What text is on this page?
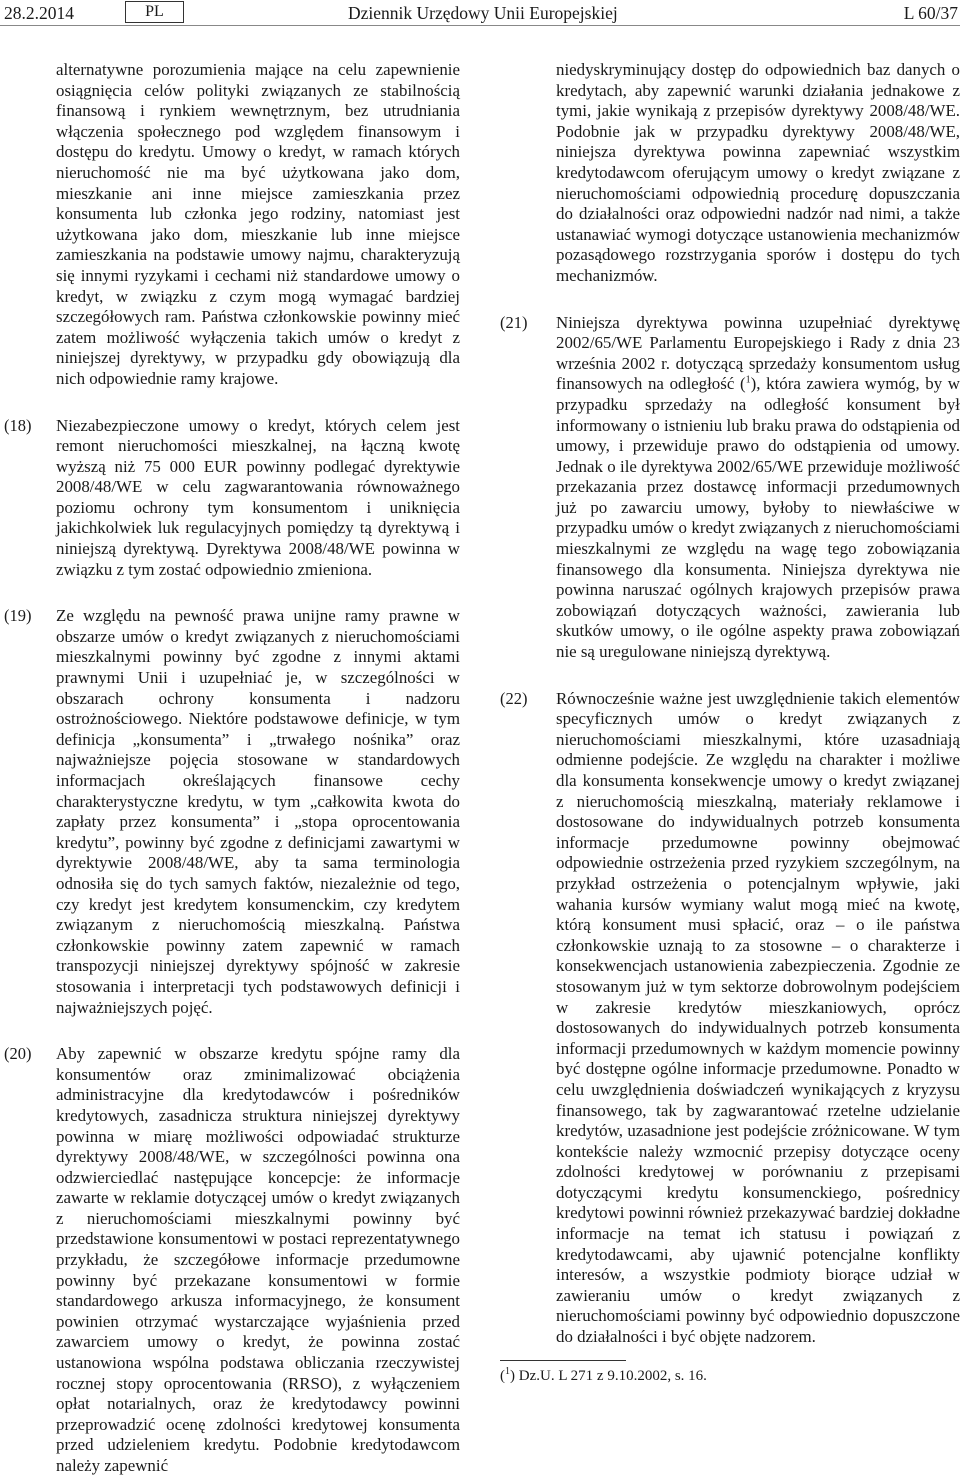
28.2.2014	PL	Dziennik Urzędowy Unii Europejskiej	L 60/37
alternatywne porozumienia mające na celu zapewnienie osiągnięcia celów polityki związanych ze stabilnością finansową i rynkiem wewnętrznym, bez utrudniania włączenia społecznego pod względem finansowym i dostępu do kredytu. Umowy o kredyt, w ramach których nieruchomość nie ma być użytkowana jako dom, mieszkanie ani inne miejsce zamieszkania przez konsumenta lub członka jego rodziny, natomiast jest użytkowana jako dom, mieszkanie lub inne miejsce zamieszkania na podstawie umowy najmu, charakteryzują się innymi ryzykami i cechami niż standardowe umowy o kredyt, w związku z czym mogą wymagać bardziej szczegółowych ram. Państwa członkowskie powinny mieć zatem możliwość wyłączenia takich umów o kredyt z niniejszej dyrektywy, w przypadku gdy obowiązują dla nich odpowiednie ramy krajowe.
(18) Niezabezpieczone umowy o kredyt, których celem jest remont nieruchomości mieszkalnej, na łączną kwotę wyższą niż 75 000 EUR powinny podlegać dyrektywie 2008/48/WE w celu zagwarantowania równoważnego poziomu ochrony tym konsumentom i uniknięcia jakichkolwiek luk regulacyjnych pomiędzy tą dyrektywą i niniejszą dyrektywą. Dyrektywa 2008/48/WE powinna w związku z tym zostać odpowiednio zmieniona.
(19) Ze względu na pewność prawa unijne ramy prawne w obszarze umów o kredyt związanych z nieruchomościami mieszkalnymi powinny być zgodne z innymi aktami prawnymi Unii i uzupełniać je, w szczególności w obszarach ochrony konsumenta i nadzoru ostrożnościowego. Niektóre podstawowe definicje, w tym definicja „konsumenta” i „trwałego nośnika” oraz najważniejsze pojęcia stosowane w standardowych informacjach określających finansowe cechy charakterystyczne kredytu, w tym „całkowita kwota do zapłaty przez konsumenta” i „stopa oprocentowania kredytu”, powinny być zgodne z definicjami zawartymi w dyrektywie 2008/48/WE, aby ta sama terminologia odnosiła się do tych samych faktów, niezależnie od tego, czy kredyt jest kredytem konsumenckim, czy kredytem związanym z nieruchomością mieszkalną. Państwa członkowskie powinny zatem zapewnić w ramach transpozycji niniejszej dyrektywy spójność w zakresie stosowania i interpretacji tych podstawowych definicji i najważniejszych pojęć.
(20) Aby zapewnić w obszarze kredytu spójne ramy dla konsumentów oraz zminimalizować obciążenia administracyjne dla kredytodawców i pośredników kredytowych, zasadnicza struktura niniejszej dyrektywy powinna w miarę możliwości odpowiadać strukturze dyrektywy 2008/48/WE, w szczególności powinna ona odzwierciedlać następujące koncepcje: że informacje zawarte w reklamie dotyczącej umów o kredyt związanych z nieruchomościami mieszkalnymi powinny być przedstawione konsumentowi w postaci reprezentatywnego przykładu, że szczegółowe informacje przedumowne powinny być przekazane konsumentowi w formie standardowego arkusza informacyjnego, że konsument powinien otrzymać wystarczające wyjaśnienia przed zawarciem umowy o kredyt, że powinna zostać ustanowiona wspólna podstawa obliczania rzeczywistej rocznej stopy oprocentowania (RRSO), z wyłączeniem opłat notarialnych, oraz że kredytodawcy powinni przeprowadzić ocenę zdolności kredytowej konsumenta przed udzieleniem kredytu. Podobnie kredytodawcom należy zapewnić
niedyskryminujący dostęp do odpowiednich baz danych o kredytach, aby zapewnić warunki działania jednakowe z tymi, jakie wynikają z przepisów dyrektywy 2008/48/WE. Podobnie jak w przypadku dyrektywy 2008/48/WE, niniejsza dyrektywa powinna zapewniać wszystkim kredytodawcom oferującym umowy o kredyt związane z nieruchomościami odpowiednią procedurę dopuszczania do działalności oraz odpowiedni nadzór nad nimi, a także ustanawiać wymogi dotyczące ustanowienia mechanizmów pozasądowego rozstrzygania sporów i dostępu do tych mechanizmów.
(21) Niniejsza dyrektywa powinna uzupełniać dyrektywę 2002/65/WE Parlamentu Europejskiego i Rady z dnia 23 września 2002 r. dotyczącą sprzedaży konsumentom usług finansowych na odległość ($^1$), która zawiera wymóg, by w przypadku sprzedaży na odległość konsument był informowany o istnieniu lub braku prawa do odstąpienia od umowy, i przewiduje prawo do odstąpienia od umowy. Jednak o ile dyrektywa 2002/65/WE przewiduje możliwość przekazania przez dostawcę informacji przedumownych już po zawarciu umowy, byłoby to niewłaściwe w przypadku umów o kredyt związanych z nieruchomościami mieszkalnymi ze względu na wagę tego zobowiązania finansowego dla konsumenta. Niniejsza dyrektywa nie powinna naruszać ogólnych krajowych przepisów prawa zobowiązań dotyczących ważności, zawierania lub skutków umowy, o ile ogólne aspekty prawa zobowiązań nie są uregulowane niniejszą dyrektywą.
(22) Równocześnie ważne jest uwzględnienie takich elementów specyficznych umów o kredyt związanych z nieruchomościami mieszkalnymi, które uzasadniają odmienne podejście. Ze względu na charakter i możliwe dla konsumenta konsekwencje umowy o kredyt związanej z nieruchomością mieszkalną, materiały reklamowe i dostosowane do indywidualnych potrzeb konsumenta informacje przedumowne powinny obejmować odpowiednie ostrzeżenia przed ryzykiem szczególnym, na przykład ostrzeżenia o potencjalnym wpływie, jaki wahania kursów wymiany walut mogą mieć na kwotę, którą konsument musi spłacić, oraz – o ile państwa członkowskie uznają to za stosowne – o charakterze i konsekwencjach ustanowienia zabezpieczenia. Zgodnie ze stosowanym już w tym sektorze dobrowolnym podejściem w zakresie kredytów mieszkaniowych, oprócz dostosowanych do indywidualnych potrzeb konsumenta informacji przedumownych w każdym momencie powinny być dostępne ogólne informacje przedumowne. Ponadto w celu uwzględnienia doświadczeń wynikających z kryzysu finansowego, tak by zagwarantować rzetelne udzielanie kredytów, uzasadnione jest podejście zróżnicowane. W tym kontekście należy wzmocnić przepisy dotyczące oceny zdolności kredytowej w porównaniu z przepisami dotyczącymi kredytu konsumenckiego, pośrednicy kredytowi powinni również przekazywać bardziej dokładne informacje na temat ich statusu i powiązań z kredytodawcami, aby ujawnić potencjalne konflikty interesów, a wszystkie podmioty biorące udział w zawieraniu umów o kredyt związanych z nieruchomościami powinny być odpowiednio dopuszczone do działalności i być objęte nadzorem.
($^1$) Dz.U. L 271 z 9.10.2002, s. 16.
